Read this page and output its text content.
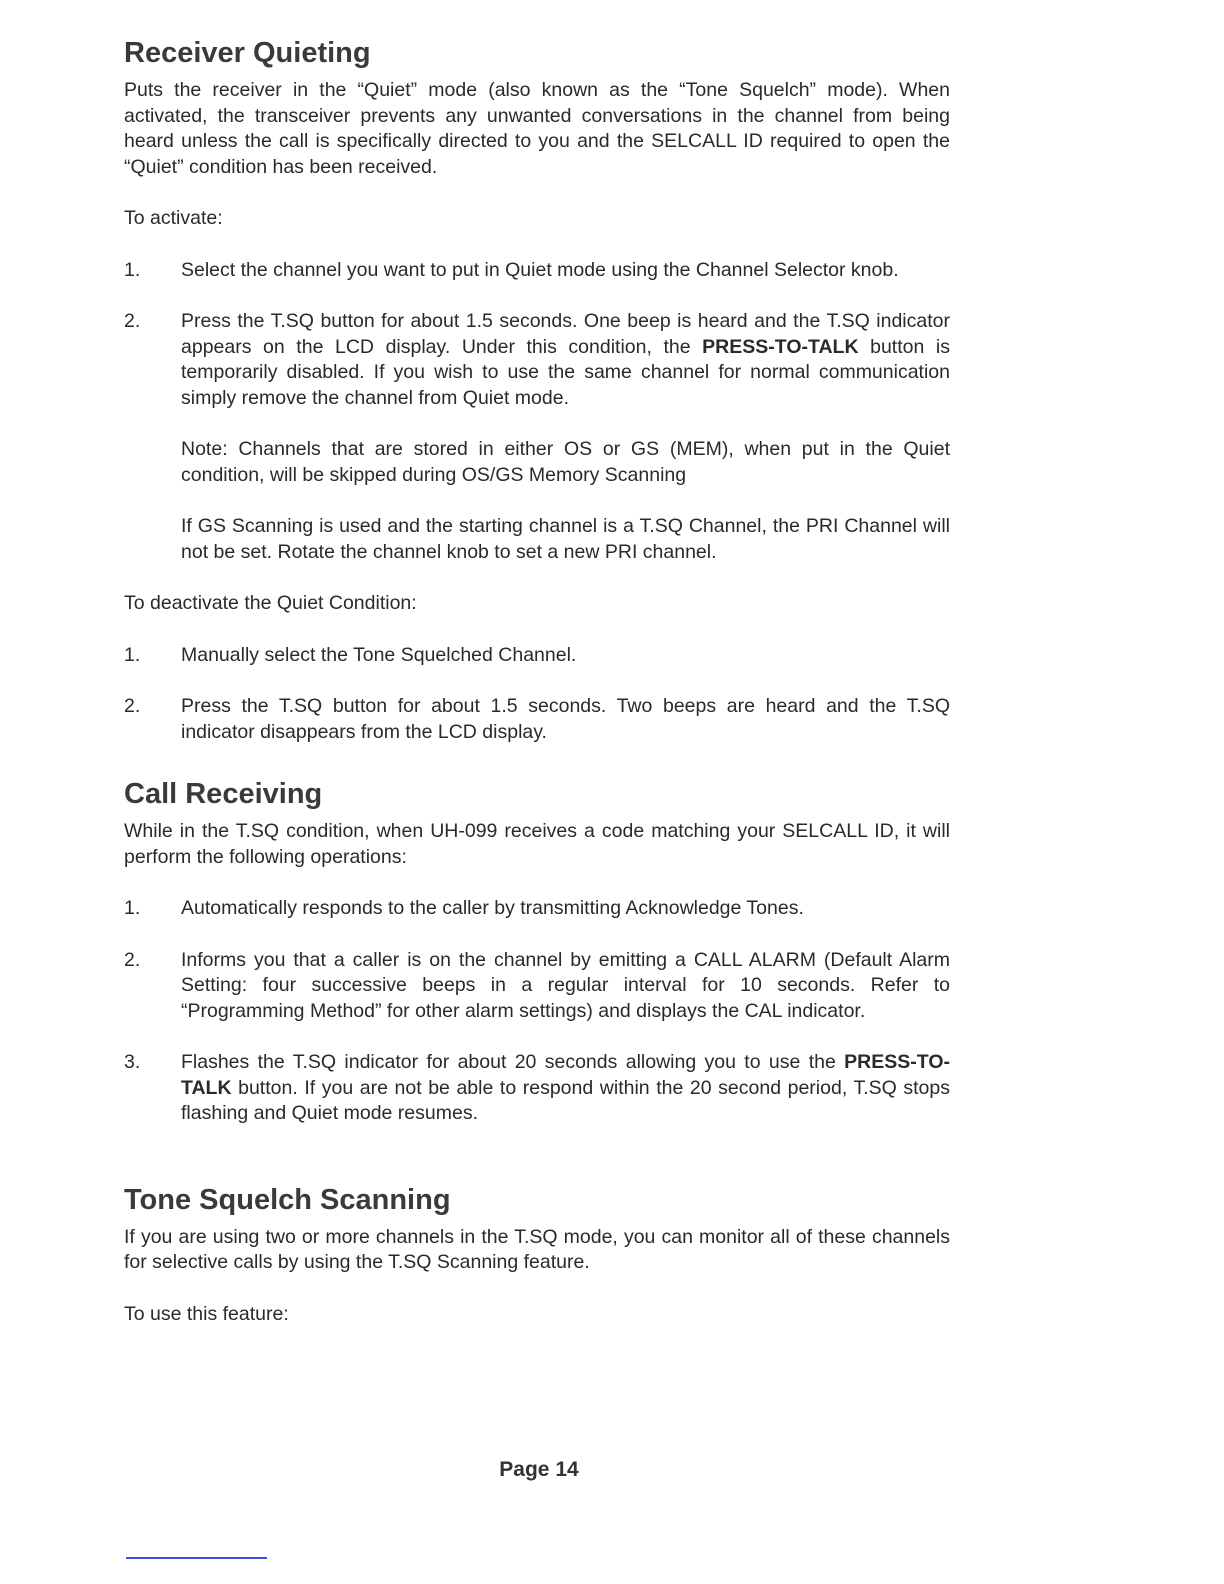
Receiver Quieting

Puts the receiver in the “Quiet” mode (also known as the “Tone Squelch” mode). When activated, the transceiver prevents any unwanted conversations in the channel from being heard unless the call is specifically directed to you and the SELCALL ID required to open the “Quiet” condition has been received.

To activate:

1.	Select the channel you want to put in Quiet mode using the Channel Selector knob.

2.	Press the T.SQ button for about 1.5 seconds. One beep is heard and the T.SQ indicator appears on the LCD display. Under this condition, the PRESS-TO-TALK button is temporarily disabled. If you wish to use the same channel for normal communication simply remove the channel from Quiet mode.

Note: Channels that are stored in either OS or GS (MEM), when put in the Quiet condition, will be skipped during OS/GS Memory Scanning

If GS Scanning is used and the starting channel is a T.SQ Channel, the PRI Channel will not be set. Rotate the channel knob to set a new PRI channel.

To deactivate the Quiet Condition:

1.	Manually select the Tone Squelched Channel.

2.	Press the T.SQ button for about 1.5 seconds. Two beeps are heard and the T.SQ indicator disappears from the LCD display.

Call Receiving

While in the T.SQ condition, when UH-099 receives a code matching your SELCALL ID, it will perform the following operations:

1.	Automatically responds to the caller by transmitting Acknowledge Tones.

2.	Informs you that a caller is on the channel by emitting a CALL ALARM (Default Alarm Setting: four successive beeps in a regular interval for 10 seconds. Refer to “Programming Method” for other alarm settings) and displays the CAL indicator.

3.	Flashes the T.SQ indicator for about 20 seconds allowing you to use the PRESS-TO-TALK button. If you are not be able to respond within the 20 second period, T.SQ stops flashing and Quiet mode resumes.

Tone Squelch Scanning

If you are using two or more channels in the T.SQ mode, you can monitor all of these channels for selective calls by using the T.SQ Scanning feature.

To use this feature:

Page 14
